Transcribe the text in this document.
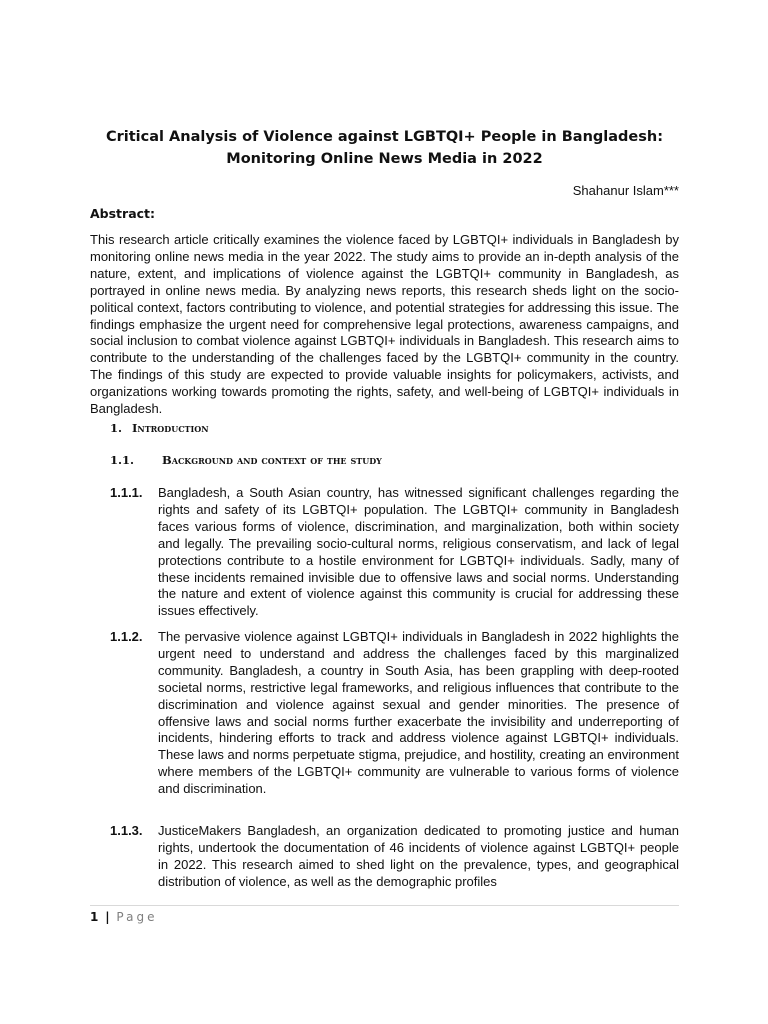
Critical Analysis of Violence against LGBTQI+ People in Bangladesh: Monitoring Online News Media in 2022
Shahanur Islam***
Abstract:
This research article critically examines the violence faced by LGBTQI+ individuals in Bangladesh by monitoring online news media in the year 2022. The study aims to provide an in-depth analysis of the nature, extent, and implications of violence against the LGBTQI+ community in Bangladesh, as portrayed in online news media. By analyzing news reports, this research sheds light on the socio-political context, factors contributing to violence, and potential strategies for addressing this issue. The findings emphasize the urgent need for comprehensive legal protections, awareness campaigns, and social inclusion to combat violence against LGBTQI+ individuals in Bangladesh. This research aims to contribute to the understanding of the challenges faced by the LGBTQI+ community in the country. The findings of this study are expected to provide valuable insights for policymakers, activists, and organizations working towards promoting the rights, safety, and well-being of LGBTQI+ individuals in Bangladesh.
1. Introduction
1.1. Background and context of the study
1.1.1. Bangladesh, a South Asian country, has witnessed significant challenges regarding the rights and safety of its LGBTQI+ population. The LGBTQI+ community in Bangladesh faces various forms of violence, discrimination, and marginalization, both within society and legally. The prevailing socio-cultural norms, religious conservatism, and lack of legal protections contribute to a hostile environment for LGBTQI+ individuals. Sadly, many of these incidents remained invisible due to offensive laws and social norms. Understanding the nature and extent of violence against this community is crucial for addressing these issues effectively.
1.1.2. The pervasive violence against LGBTQI+ individuals in Bangladesh in 2022 highlights the urgent need to understand and address the challenges faced by this marginalized community. Bangladesh, a country in South Asia, has been grappling with deep-rooted societal norms, restrictive legal frameworks, and religious influences that contribute to the discrimination and violence against sexual and gender minorities. The presence of offensive laws and social norms further exacerbate the invisibility and underreporting of incidents, hindering efforts to track and address violence against LGBTQI+ individuals. These laws and norms perpetuate stigma, prejudice, and hostility, creating an environment where members of the LGBTQI+ community are vulnerable to various forms of violence and discrimination.
1.1.3. JusticeMakers Bangladesh, an organization dedicated to promoting justice and human rights, undertook the documentation of 46 incidents of violence against LGBTQI+ people in 2022. This research aimed to shed light on the prevalence, types, and geographical distribution of violence, as well as the demographic profiles
1 | Page
